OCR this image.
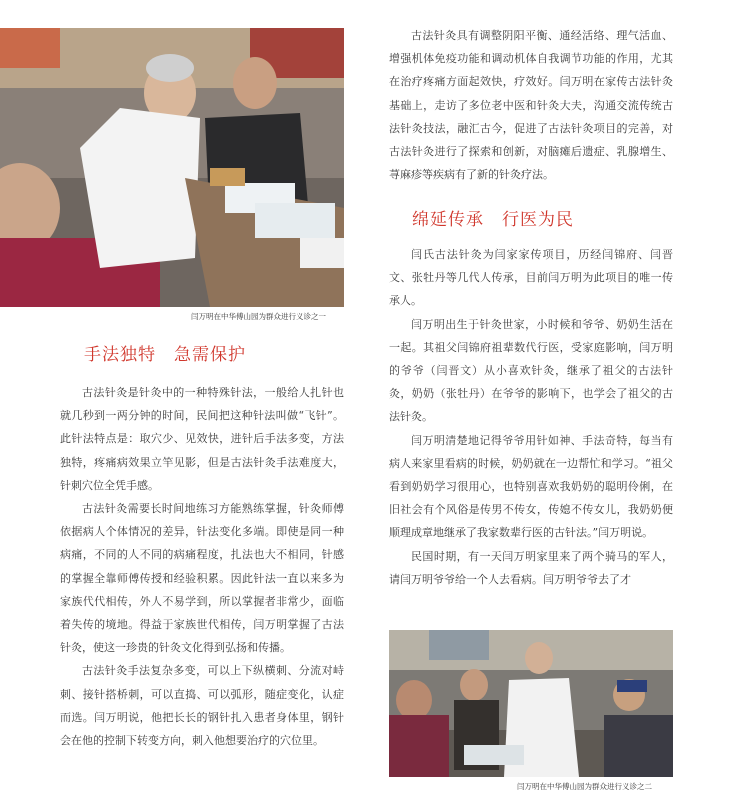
闫万明在中华傅山园为群众进行义诊之一
手法独特　急需保护

古法针灸是针灸中的一种特殊针法，一般给人扎针也就几秒到一两分钟的时间，民间把这种针法叫做“飞针”。此针法特点是：取穴少、见效快，进针后手法多变，方法独特，疼痛病效果立竿见影，但是古法针灸手法难度大，针刺穴位全凭手感。

古法针灸需要长时间地练习方能熟练掌握，针灸师傅依据病人个体情况的差异，针法变化多端。即使是同一种病痛，不同的人不同的病痛程度，扎法也大不相同，针感的掌握全靠师傅传授和经验积累。因此针法一直以来多为家族代代相传，外人不易学到，所以掌握者非常少，面临着失传的境地。得益于家族世代相传，闫万明掌握了古法针灸，使这一珍贵的针灸文化得到弘扬和传播。

古法针灸手法复杂多变，可以上下纵横刺、分流对峙刺、接针搭桥刺，可以直捣、可以弧形，随症变化，认症而选。闫万明说，他把长长的钢针扎入患者身体里，钢针会在他的控制下转变方向，刺入他想要治疗的穴位里。

古法针灸具有调整阴阳平衡、通经活络、理气活血、增强机体免疫功能和调动机体自我调节功能的作用，尤其在治疗疼痛方面起效快，疗效好。闫万明在家传古法针灸基础上，走访了多位老中医和针灸大夫，沟通交流传统古法针灸技法，融汇古今，促进了古法针灸项目的完善，对古法针灸进行了探索和创新，对脑瘫后遗症、乳腺增生、荨麻疹等疾病有了新的针灸疗法。

绵延传承　行医为民

闫氏古法针灸为闫家家传项目，历经闫锦府、闫晋文、张牡丹等几代人传承，目前闫万明为此项目的唯一传承人。

闫万明出生于针灸世家，小时候和爷爷、奶奶生活在一起。其祖父闫锦府祖辈数代行医，受家庭影响，闫万明的爷爷（闫晋文）从小喜欢针灸，继承了祖父的古法针灸，奶奶（张牡丹）在爷爷的影响下，也学会了祖父的古法针灸。

闫万明清楚地记得爷爷用针如神、手法奇特，每当有病人来家里看病的时候，奶奶就在一边帮忙和学习。“祖父看到奶奶学习很用心，也特别喜欢我奶奶的聪明伶俐，在旧社会有个风俗是传男不传女，传媳不传女儿，我奶奶便顺理成章地继承了我家数辈行医的古针法。”闫万明说。

民国时期，有一天闫万明家里来了两个骑马的军人，请闫万明爷爷给一个人去看病。闫万明爷爷去了才

闫万明在中华傅山园为群众进行义诊之二
